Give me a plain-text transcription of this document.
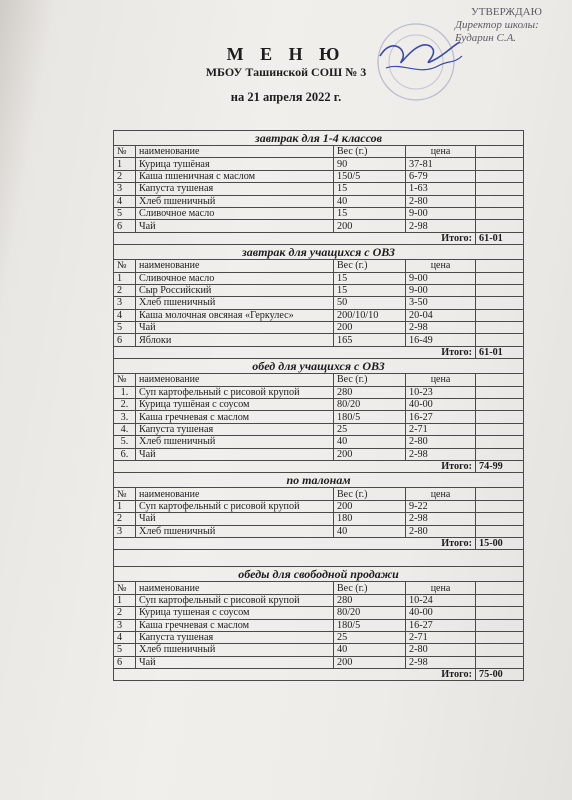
УТВЕРЖДАЮ
Директор школы:
Бударин С.А.
М Е Н Ю
МБОУ Ташинской СОШ № 3
на 21 апреля 2022 г.
завтрак для 1-4 классов				
№	наименование	Вес (г.)	цена	
1	Курица тушёная	90	37-81	
2	Каша пшеничная с маслом	150/5	6-79	
3	Капуста тушеная	15	1-63	
4	Хлеб пшеничный	40	2-80	
5	Сливочное масло	15	9-00	
6	Чай	200	2-98	
Итого:				61-01
завтрак для учащихся с ОВЗ				
№	наименование	Вес (г.)	цена	
1	Сливочное масло	15	9-00	
2	Сыр Российский	15	9-00	
3	Хлеб пшеничный	50	3-50	
4	Каша молочная овсяная «Геркулес»	200/10/10	20-04	
5	Чай	200	2-98	
6	Яблоки	165	16-49	
Итого:				61-01
обед для учащихся с ОВЗ				
№	наименование	Вес (г.)	цена	
1.	Суп картофельный с рисовой крупой	280	10-23	
2.	Курица тушёная с соусом	80/20	40-00	
3.	Каша гречневая с маслом	180/5	16-27	
4.	Капуста тушеная	25	2-71	
5.	Хлеб пшеничный	40	2-80	
6.	Чай	200	2-98	
Итого:				74-99
по талонам				
№	наименование	Вес (г.)	цена	
1	Суп картофельный с рисовой крупой	200	9-22	
2	Чай	180	2-98	
3	Хлеб пшеничный	40	2-80	
Итого:				15-00

обеды для свободной продажи				
№	наименование	Вес (г.)	цена	
1	Суп картофельный с рисовой крупой	280	10-24	
2	Курица тушеная с соусом	80/20	40-00	
3	Каша гречневая с маслом	180/5	16-27	
4	Капуста тушеная	25	2-71	
5	Хлеб пшеничный	40	2-80	
6	Чай	200	2-98	
Итого:				75-00
